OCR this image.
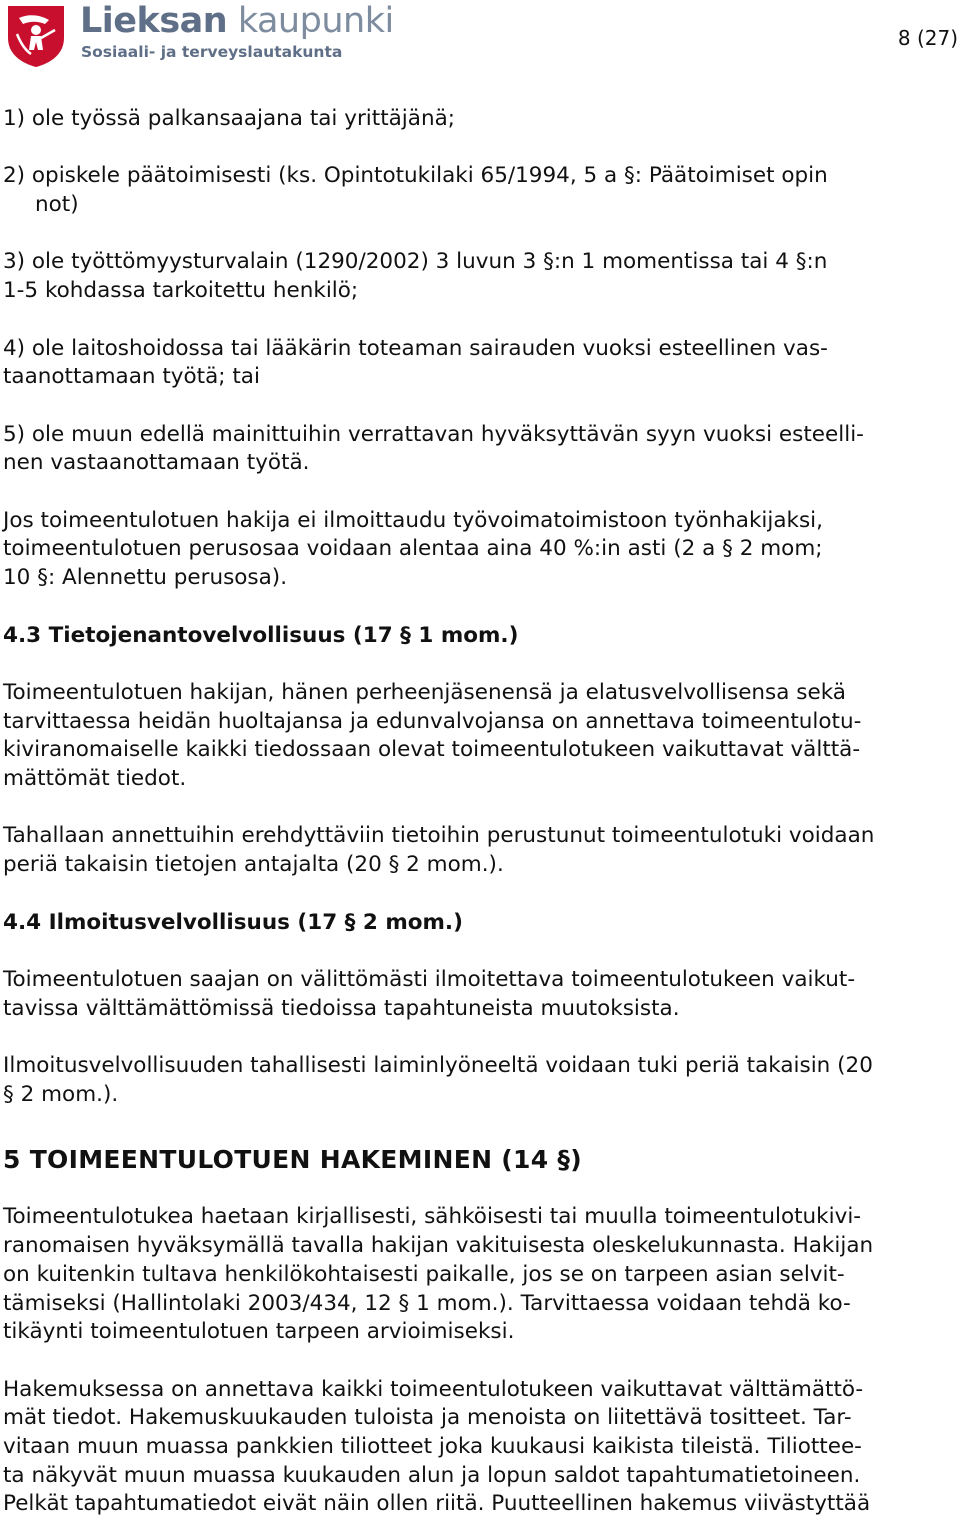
Lieksan kaupunki
Sosiaali- ja terveyslautakunta
8 (27)

1) ole työssä palkansaajana tai yrittäjänä;

2) opiskele päätoimisesti (ks. Opintotukilaki 65/1994, 5 a §: Päätoimiset opin

not)

3) ole työttömyysturvalain (1290/2002) 3 luvun 3 §:n 1 momentissa tai 4 §:n

1-5 kohdassa tarkoitettu henkilö;

4) ole laitoshoidossa tai lääkärin toteaman sairauden vuoksi esteellinen vas-

taanottamaan työtä; tai

5) ole muun edellä mainittuihin verrattavan hyväksyttävän syyn vuoksi esteelli-

nen vastaanottamaan työtä.

Jos toimeentulotuen hakija ei ilmoittaudu työvoimatoimistoon työnhakijaksi,

toimeentulotuen perusosaa voidaan alentaa aina 40 %:in asti (2 a § 2 mom;

10 §: Alennettu perusosa).

4.3 Tietojenantovelvollisuus (17 § 1 mom.)

Toimeentulotuen hakijan, hänen perheenjäsenensä ja elatusvelvollisensa sekä

tarvittaessa heidän huoltajansa ja edunvalvojansa on annettava toimeentulotu-

kiviranomaiselle kaikki tiedossaan olevat toimeentulotukeen vaikuttavat välttä-

mättömät tiedot.

Tahallaan annettuihin erehdyttäviin tietoihin perustunut toimeentulotuki voidaan

periä takaisin tietojen antajalta (20 § 2 mom.).

4.4 Ilmoitusvelvollisuus (17 § 2 mom.)

Toimeentulotuen saajan on välittömästi ilmoitettava toimeentulotukeen vaikut-

tavissa välttämättömissä tiedoissa tapahtuneista muutoksista.

Ilmoitusvelvollisuuden tahallisesti laiminlyöneeltä voidaan tuki periä takaisin (20

§ 2 mom.).

5 TOIMEENTULOTUEN HAKEMINEN (14 §)

Toimeentulotukea haetaan kirjallisesti, sähköisesti tai muulla toimeentulotukivi-

ranomaisen hyväksymällä tavalla hakijan vakituisesta oleskelukunnasta. Hakijan

on kuitenkin tultava henkilökohtaisesti paikalle, jos se on tarpeen asian selvit-

tämiseksi (Hallintolaki 2003/434, 12 § 1 mom.). Tarvittaessa voidaan tehdä ko-

tikäynti toimeentulotuen tarpeen arvioimiseksi.

Hakemuksessa on annettava kaikki toimeentulotukeen vaikuttavat välttämättö-

mät tiedot. Hakemuskuukauden tuloista ja menoista on liitettävä tositteet. Tar-

vitaan muun muassa pankkien tiliotteet joka kuukausi kaikista tileistä. Tiliottee-

ta näkyvät muun muassa kuukauden alun ja lopun saldot tapahtumatietoineen.

Pelkät tapahtumatiedot eivät näin ollen riitä. Puutteellinen hakemus viivästyttää
